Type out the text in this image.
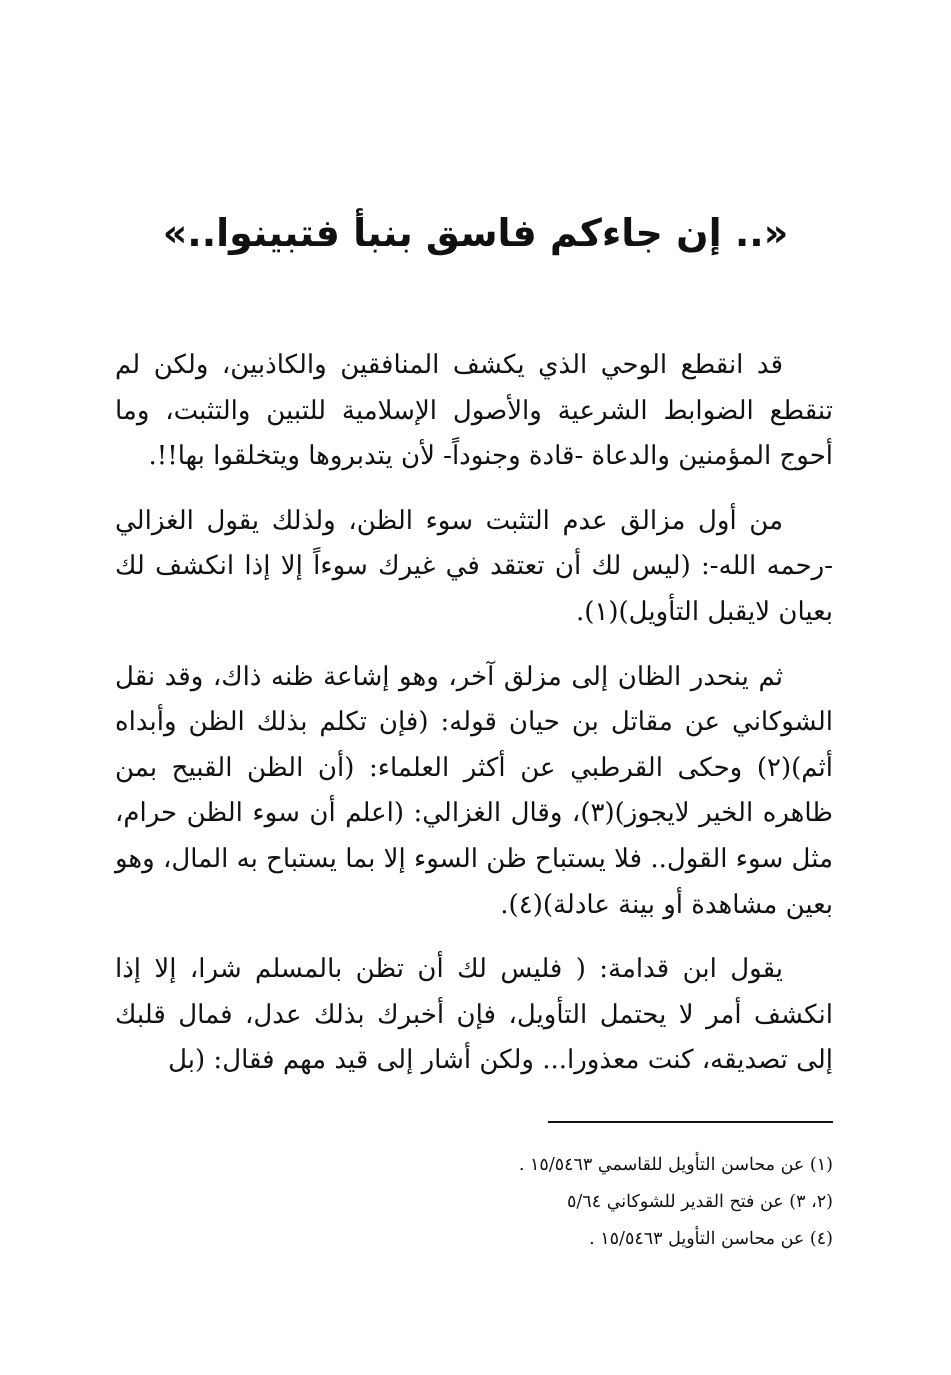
«.. إن جاءكم فاسق بنبأ فتبينوا..»

قد انقطع الوحي الذي يكشف المنافقين والكاذبين، ولكن لم تنقطع الضوابط الشرعية والأصول الإسلامية للتبين والتثبت، وما أحوج المؤمنين والدعاة -قادة وجنوداً- لأن يتدبروها ويتخلقوا بها!!.

من أول مزالق عدم التثبت سوء الظن، ولذلك يقول الغزالي -رحمه الله-: (ليس لك أن تعتقد في غيرك سوءاً إلا إذا انكشف لك بعيان لايقبل التأويل)(١).

ثم ينحدر الظان إلى مزلق آخر، وهو إشاعة ظنه ذاك، وقد نقل الشوكاني عن مقاتل بن حيان قوله: (فإن تكلم بذلك الظن وأبداه أثم)(٢) وحكى القرطبي عن أكثر العلماء: (أن الظن القبيح بمن ظاهره الخير لايجوز)(٣)، وقال الغزالي: (اعلم أن سوء الظن حرام، مثل سوء القول.. فلا يستباح ظن السوء إلا بما يستباح به المال، وهو بعين مشاهدة أو بينة عادلة)(٤).

يقول ابن قدامة: ( فليس لك أن تظن بالمسلم شرا، إلا إذا انكشف أمر لا يحتمل التأويل، فإن أخبرك بذلك عدل، فمال قلبك إلى تصديقه، كنت معذورا... ولكن أشار إلى قيد مهم فقال: (بل

(١) عن محاسن التأويل للقاسمي ١٥/٥٤٦٣ .

(٢، ٣) عن فتح القدير للشوكاني ٥/٦٤

(٤) عن محاسن التأويل ١٥/٥٤٦٣ .
